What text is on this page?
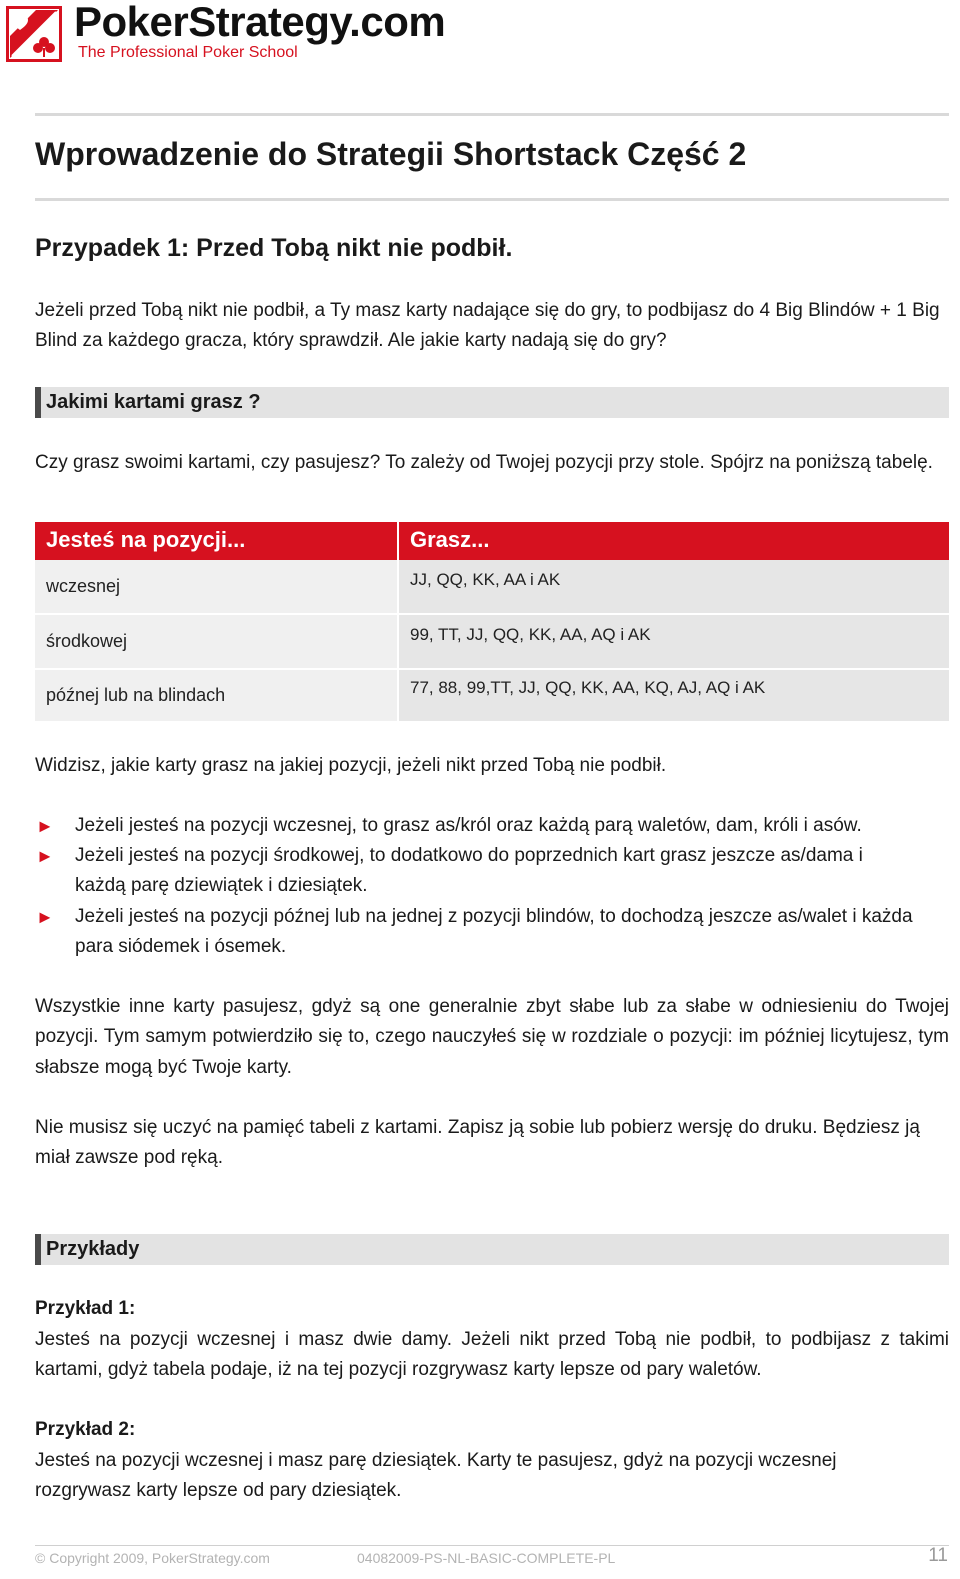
PokerStrategy.com
The Professional Poker School
Wprowadzenie do Strategii Shortstack Część 2
Przypadek 1: Przed Tobą nikt nie podbił.

Jeżeli przed Tobą nikt nie podbił, a Ty masz karty nadające się do gry, to podbijasz do 4 Big Blindów + 1 Big Blind za każdego gracza, który sprawdził. Ale jakie karty nadają się do gry?

Jakimi kartami grasz ?

Czy grasz swoimi kartami, czy pasujesz? To zależy od Twojej pozycji przy stole. Spójrz na poniższą tabelę.

Jesteś na pozycji...	Grasz...
wczesnej	JJ, QQ, KK, AA i AK
środkowej	99, TT, JJ, QQ, KK, AA, AQ i AK
późnej lub na blindach	77, 88, 99,TT, JJ, QQ, KK, AA, KQ, AJ, AQ i AK

Widzisz, jakie karty grasz na jakiej pozycji, jeżeli nikt przed Tobą nie podbił.

► Jeżeli jesteś na pozycji wczesnej, to grasz as/król oraz każdą parą waletów, dam, króli i asów.

► Jeżeli jesteś na pozycji środkowej, to dodatkowo do poprzednich kart grasz jeszcze as/dama i każdą parę dziewiątek i dziesiątek.

► Jeżeli jesteś na pozycji późnej lub na jednej z pozycji blindów, to dochodzą jeszcze as/walet i każda para siódemek i ósemek.

Wszystkie inne karty pasujesz, gdyż są one generalnie zbyt słabe lub za słabe w odniesieniu do Twojej pozycji. Tym samym potwierdziło się to, czego nauczyłeś się w rozdziale o pozycji: im później licytujesz, tym słabsze mogą być Twoje karty.

Nie musisz się uczyć na pamięć tabeli z kartami. Zapisz ją sobie lub pobierz wersję do druku. Będziesz ją miał zawsze pod ręką.

Przykłady

Przykład 1:

Jesteś na pozycji wczesnej i masz dwie damy. Jeżeli nikt przed Tobą nie podbił, to podbijasz z takimi kartami, gdyż tabela podaje, iż na tej pozycji rozgrywasz karty lepsze od pary waletów.

Przykład 2:

Jesteś na pozycji wczesnej i masz parę dziesiątek. Karty te pasujesz, gdyż na pozycji wczesnej rozgrywasz karty lepsze od pary dziesiątek.

© Copyright 2009, PokerStrategy.com	04082009-PS-NL-BASIC-COMPLETE-PL	11
